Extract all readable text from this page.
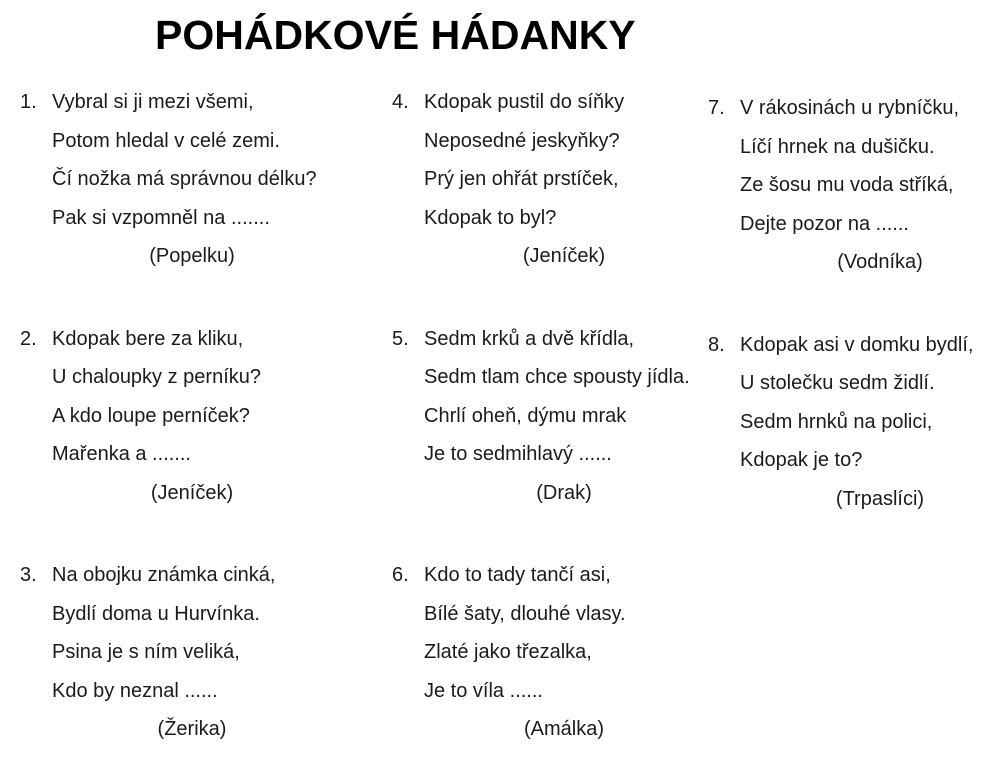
POHÁDKOVÉ HÁDANKY
1. Vybral si ji mezi všemi,
Potom hledal v celé zemi.
Čí nožka má správnou délku?
Pak si vzpomněl na .......
(Popelku)
2. Kdopak bere za kliku,
U chaloupky z perníku?
A kdo loupe perníček?
Mařenka a .......
(Jeníček)
3. Na obojku známka cinká,
Bydlí doma u Hurvínka.
Psina je s ním veliká,
Kdo by neznal ......
(Žerika)
4. Kdopak pustil do síňky
Neposedné jeskyňky?
Prý jen ohřát prstíček,
Kdopak to byl?
(Jeníček)
5. Sedm krků a dvě křídla,
Sedm tlam chce spousty jídla.
Chrlí oheň, dýmu mrak
Je to sedmihlavý ......
(Drak)
6. Kdo to tady tančí asi,
Bílé šaty, dlouhé vlasy.
Zlaté jako třezalka,
Je to víla ......
(Amálka)
7. V rákosinách u rybníčku,
Líčí hrnek na dušičku.
Ze šosu mu voda stříká,
Dejte pozor na ......
(Vodníka)
8. Kdopak asi v domku bydlí,
U stolečku sedm židlí.
Sedm hrnků na polici,
Kdopak je to?
(Trpaslíci)
